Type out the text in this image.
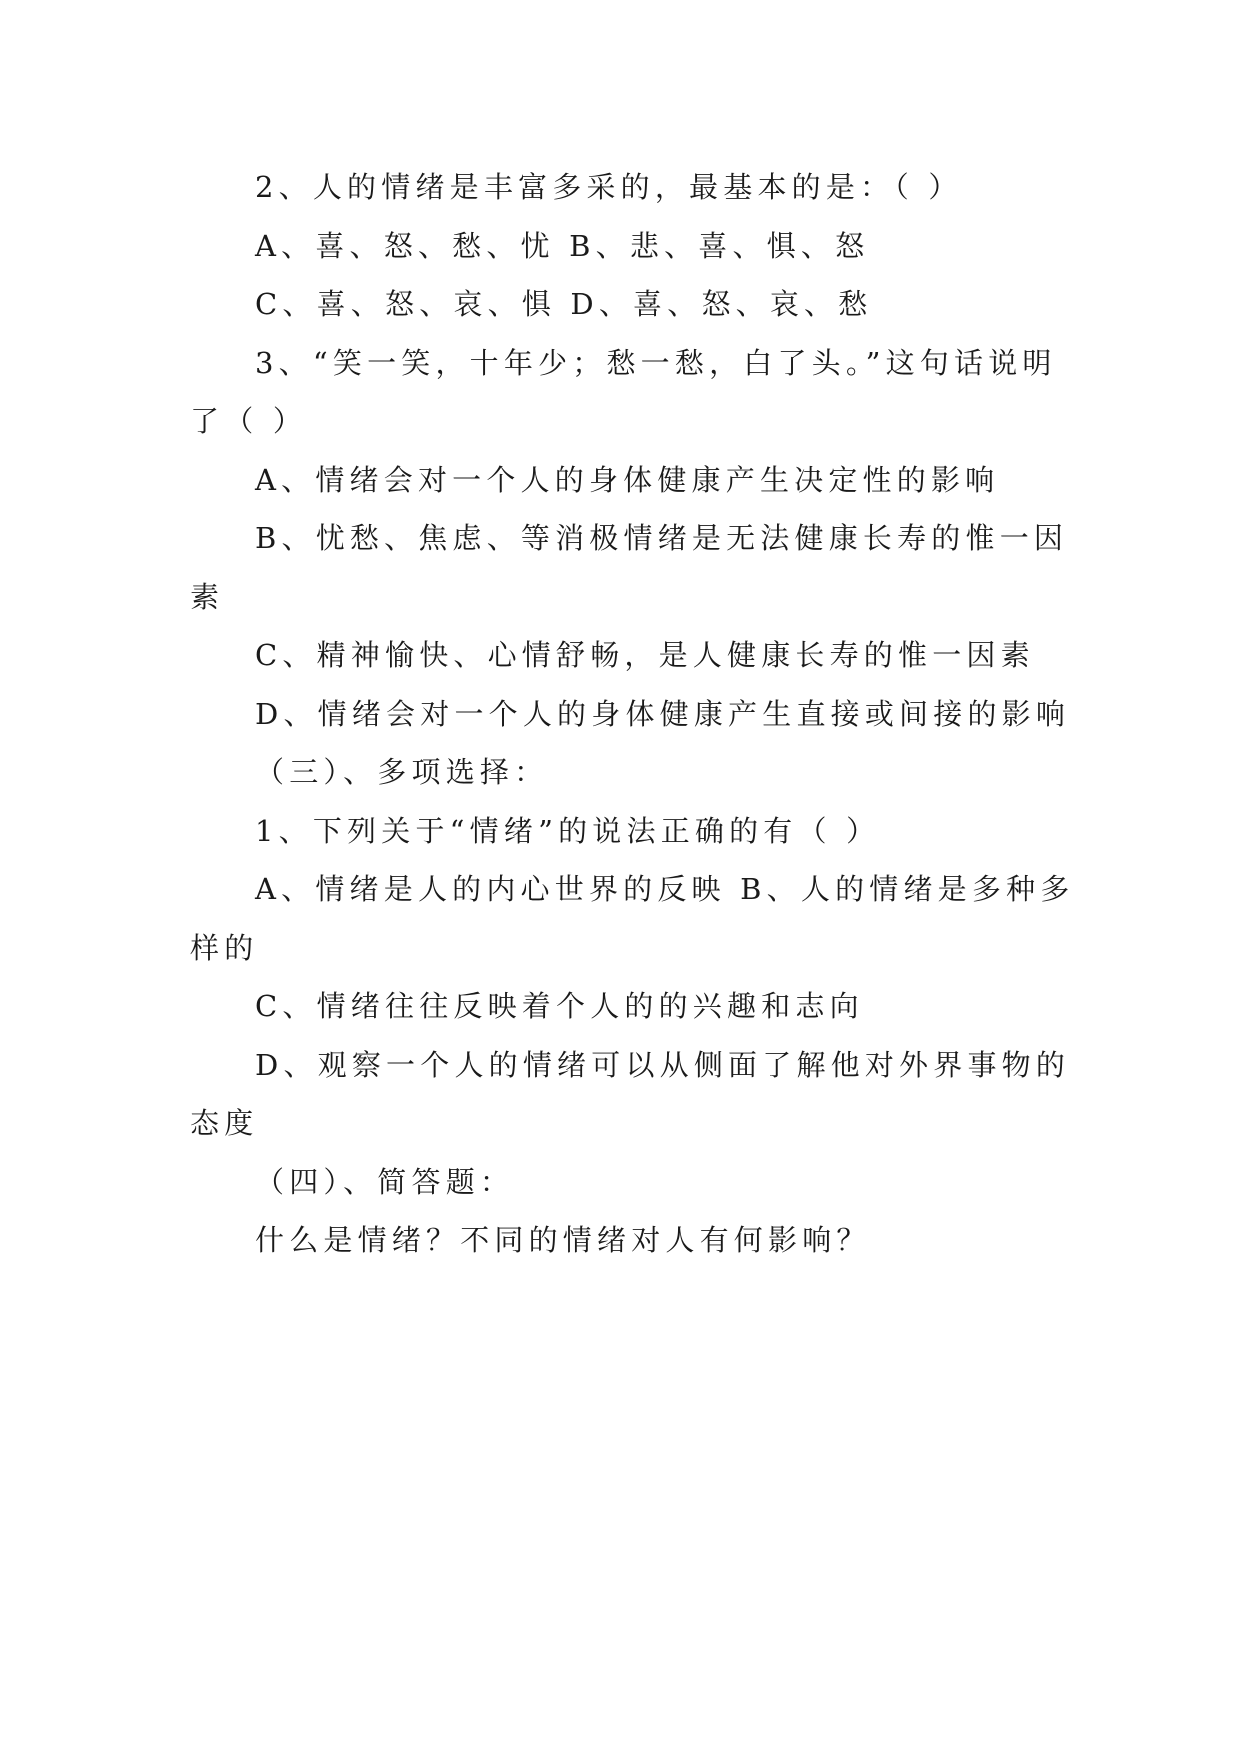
2、人的情绪是丰富多采的，最基本的是：（ ）
A、喜、怒、愁、忧 B、悲、喜、惧、怒
C、喜、怒、哀、惧 D、喜、怒、哀、愁
3、“笑一笑，十年少；愁一愁，白了头。”这句话说明
了（ ）
A、情绪会对一个人的身体健康产生决定性的影响
B、忧愁、焦虑、等消极情绪是无法健康长寿的惟一因
素
C、精神愉快、心情舒畅，是人健康长寿的惟一因素
D、情绪会对一个人的身体健康产生直接或间接的影响
（三）、多项选择：
1、下列关于“情绪”的说法正确的有（ ）
A、情绪是人的内心世界的反映 B、人的情绪是多种多
样的
C、情绪往往反映着个人的的兴趣和志向
D、观察一个人的情绪可以从侧面了解他对外界事物的
态度
（四）、简答题：
什么是情绪？不同的情绪对人有何影响？
